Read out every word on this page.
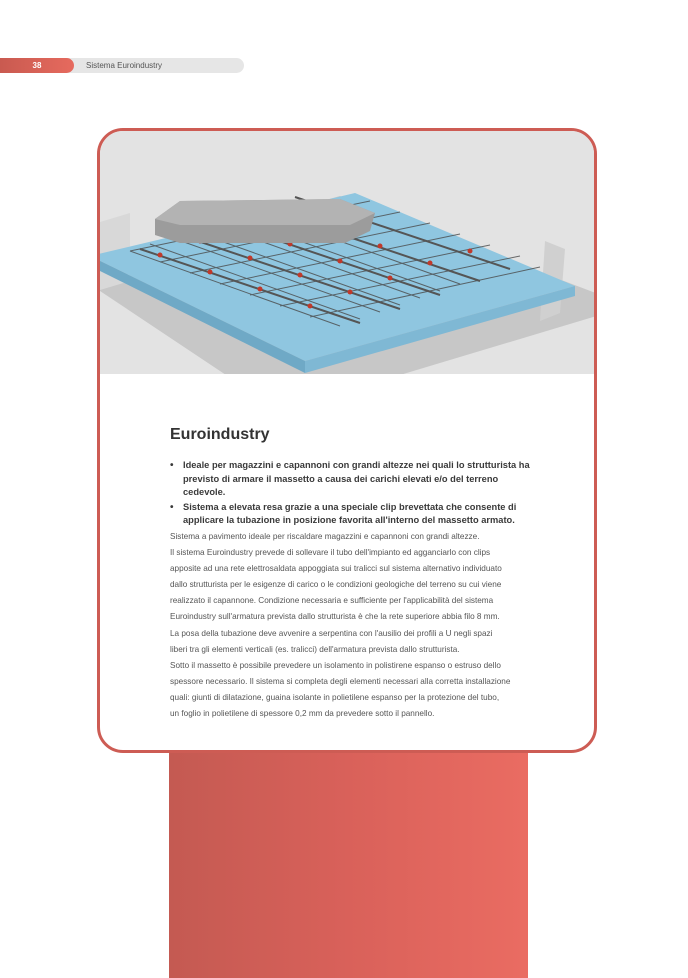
38	Sistema Euroindustry
Euroindustry
• Ideale per magazzini e capannoni con grandi altezze nei quali lo strutturista ha previsto di armare il massetto a causa dei carichi elevati e/o del terreno cedevole.
• Sistema a elevata resa grazie a una speciale clip brevettata che consente di applicare la tubazione in posizione favorita all'interno del massetto armato.

Sistema a pavimento ideale per riscaldare magazzini e capannoni con grandi altezze.

Il sistema Euroindustry prevede di sollevare il tubo dell'impianto ed agganciarlo con clips

apposite ad una rete elettrosaldata appoggiata sui tralicci sul sistema alternativo individuato

dallo strutturista per le esigenze di carico o le condizioni geologiche del terreno su cui viene

realizzato il capannone. Condizione necessaria e sufficiente per l'applicabilità del sistema

Euroindustry sull'armatura prevista dallo strutturista è che la rete superiore abbia filo 8 mm.

La posa della tubazione deve avvenire a serpentina con l'ausilio dei profili a U negli spazi

liberi tra gli elementi verticali (es. tralicci) dell'armatura prevista dallo strutturista.

Sotto il massetto è possibile prevedere un isolamento in polistirene espanso o estruso dello

spessore necessario. Il sistema si completa degli elementi necessari alla corretta installazione

quali: giunti di dilatazione, guaina isolante in polietilene espanso per la protezione del tubo,

un foglio in polietilene di spessore 0,2 mm da prevedere sotto il pannello.
